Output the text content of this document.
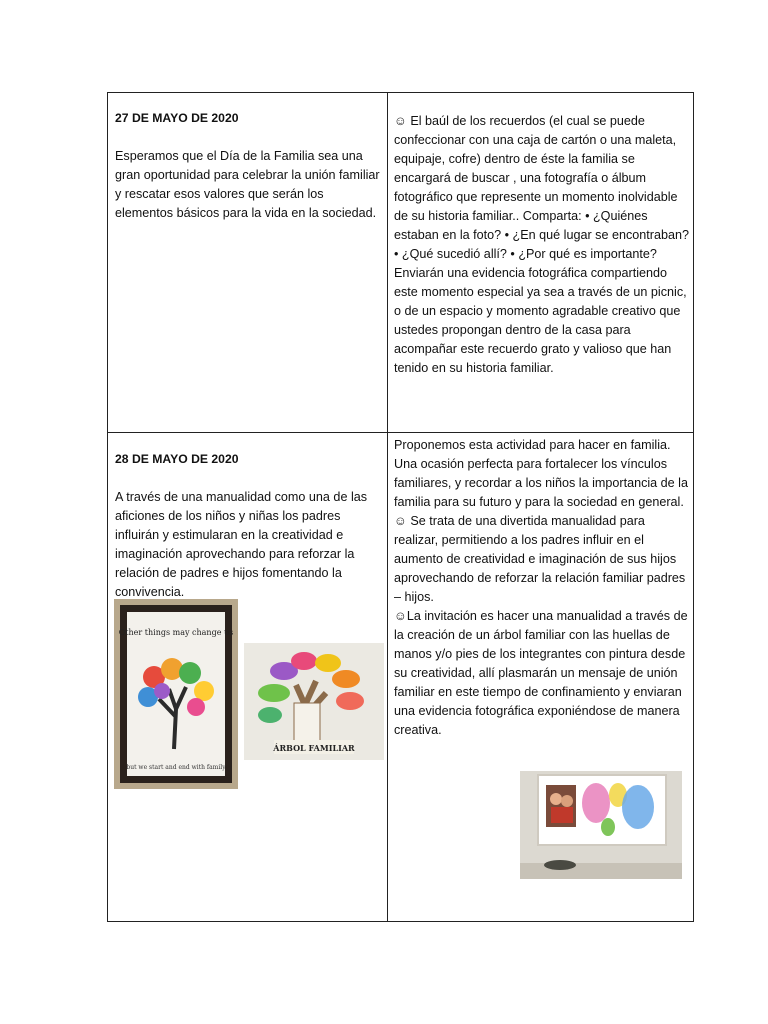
27 DE MAYO DE 2020

Esperamos que el Día de la Familia sea una gran oportunidad para celebrar la unión familiar y rescatar esos valores que serán los elementos básicos para la vida en la sociedad.

☺ El baúl de los recuerdos (el cual se puede confeccionar con una caja de cartón o una maleta, equipaje, cofre) dentro de éste la familia se encargará de buscar , una fotografía o álbum fotográfico que represente un momento inolvidable de su historia familiar.. Comparta: • ¿Quiénes estaban en la foto? • ¿En qué lugar se encontraban? • ¿Qué sucedió allí? • ¿Por qué es importante?

Enviarán una evidencia fotográfica compartiendo este momento especial ya sea a través de un picnic, o de un espacio y momento agradable creativo que ustedes propongan dentro de la casa para acompañar este recuerdo grato y valioso que han tenido en su historia familiar.

28 DE MAYO DE 2020

A través de una manualidad como una de las aficiones de los niños y niñas los padres influirán y estimularan en la creatividad e imaginación aprovechando para reforzar la relación de padres e hijos fomentando la convivencia.

Other things may change us
but we start and end with family
ÁRBOL FAMILIAR

Proponemos esta actividad para hacer en familia. Una ocasión perfecta para fortalecer los vínculos familiares, y recordar a los niños la importancia de la familia para su futuro y para la sociedad en general.

☺ Se trata de una divertida manualidad para realizar, permitiendo a los padres influir en el aumento de creatividad e imaginación de sus hijos aprovechando de reforzar la relación familiar padres – hijos.

☺La invitación es hacer una manualidad a través de la creación de un árbol familiar con las huellas de manos y/o pies de los integrantes con pintura desde su creatividad, allí plasmarán un mensaje de unión familiar en este tiempo de confinamiento y enviaran una evidencia fotográfica exponiéndose de manera creativa.
